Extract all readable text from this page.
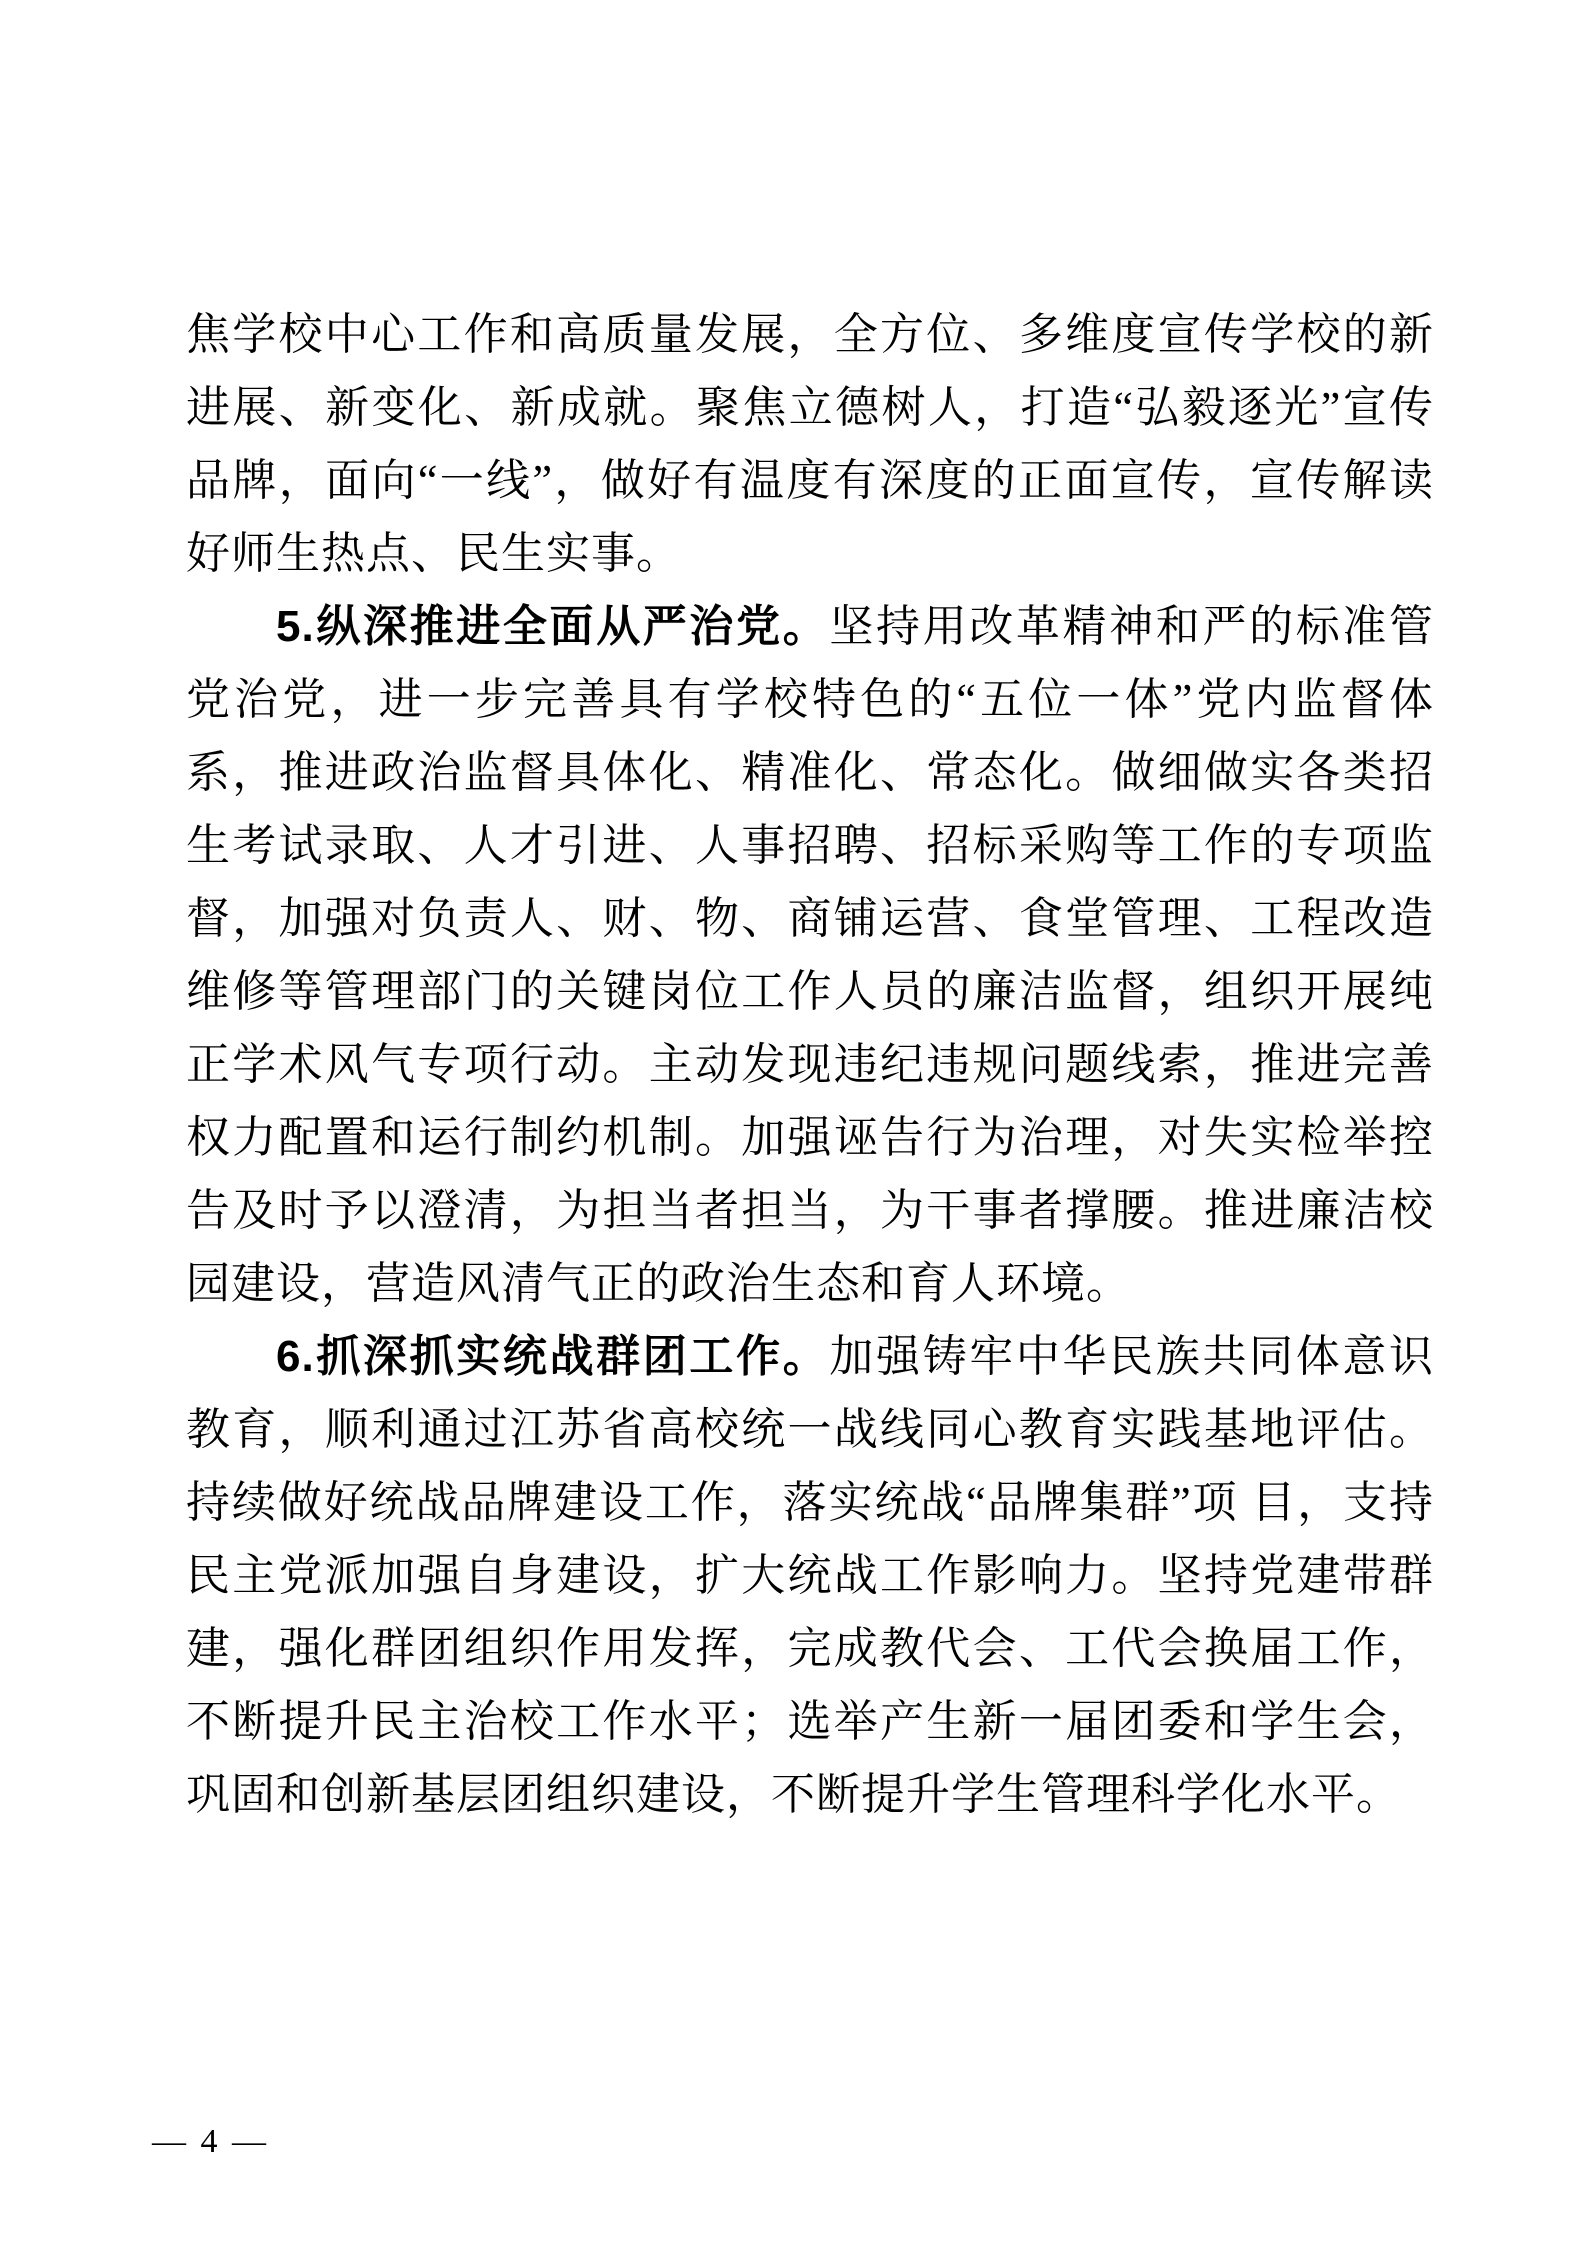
焦学校中心工作和高质量发展，全方位、多维度宣传学校的新进展、新变化、新成就。聚焦立德树人，打造“弘毅逐光”宣传品牌，面向“一线”，做好有温度有深度的正面宣传，宣传解读好师生热点、民生实事。

5.纵深推进全面从严治党。坚持用改革精神和严的标准管党治党，进一步完善具有学校特色的“五位一体”党内监督体系，推进政治监督具体化、精准化、常态化。做细做实各类招生考试录取、人才引进、人事招聘、招标采购等工作的专项监督，加强对负责人、财、物、商铺运营、食堂管理、工程改造维修等管理部门的关键岗位工作人员的廉洁监督，组织开展纯正学术风气专项行动。主动发现违纪违规问题线索，推进完善权力配置和运行制约机制。加强诬告行为治理，对失实检举控告及时予以澄清，为担当者担当，为干事者撑腰。推进廉洁校园建设，营造风清气正的政治生态和育人环境。

6.抓深抓实统战群团工作。加强铸牢中华民族共同体意识教育，顺利通过江苏省高校统一战线同心教育实践基地评估。持续做好统战品牌建设工作，落实统战“品牌集群”项 目，支持民主党派加强自身建设，扩大统战工作影响力。坚持党建带群建，强化群团组织作用发挥，完成教代会、工代会换届工作，不断提升民主治校工作水平；选举产生新一届团委和学生会，巩固和创新基层团组织建设，不断提升学生管理科学化水平。

— 4 —
